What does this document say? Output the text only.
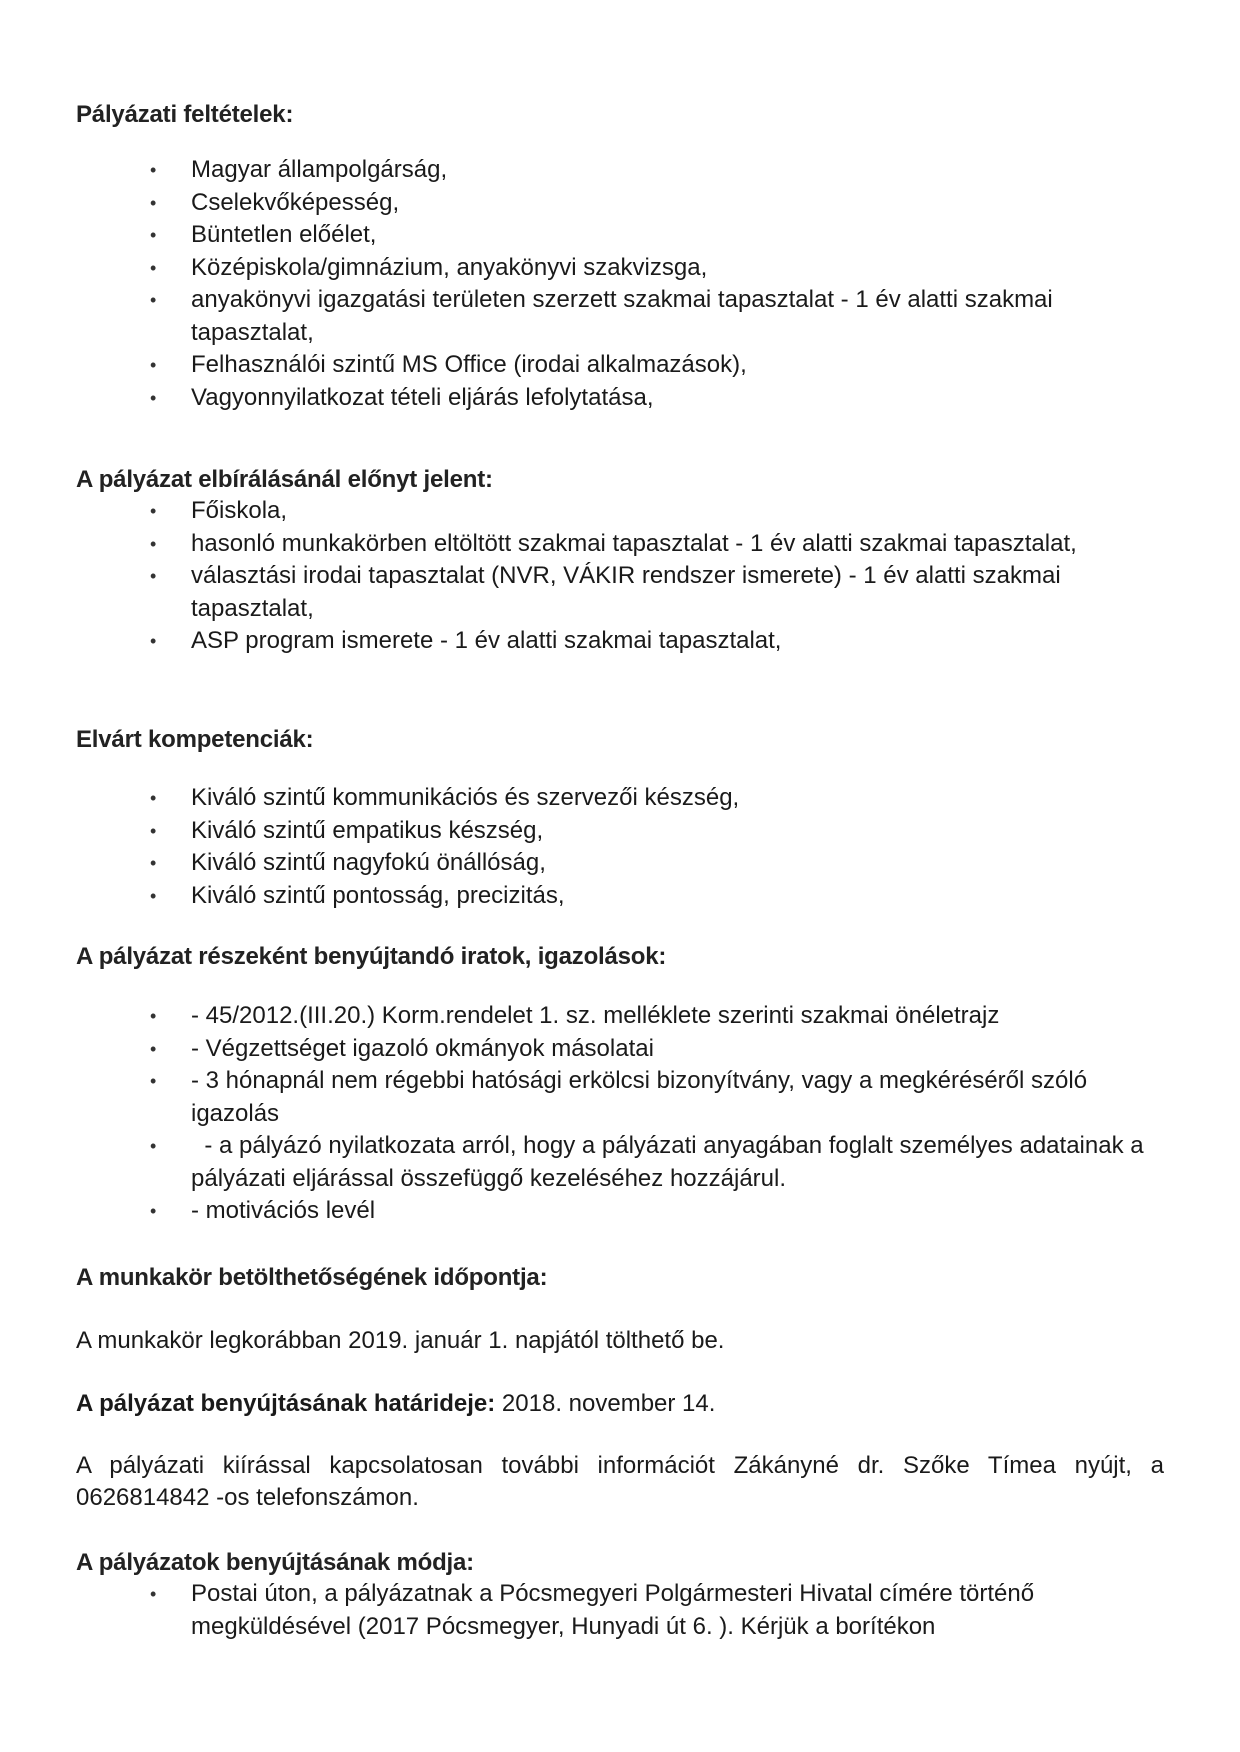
Pályázati feltételek:
• Magyar állampolgárság,
• Cselekvőképesség,
• Büntetlen előélet,
• Középiskola/gimnázium, anyakönyvi szakvizsga,
• anyakönyvi igazgatási területen szerzett szakmai tapasztalat - 1 év alatti szakmai tapasztalat,
• Felhasználói szintű MS Office (irodai alkalmazások),
• Vagyonnyilatkozat tételi eljárás lefolytatása,
A pályázat elbírálásánál előnyt jelent:
• Főiskola,
• hasonló munkakörben eltöltött szakmai tapasztalat - 1 év alatti szakmai tapasztalat,
• választási irodai tapasztalat (NVR, VÁKIR rendszer ismerete) - 1 év alatti szakmai tapasztalat,
• ASP program ismerete - 1 év alatti szakmai tapasztalat,
Elvárt kompetenciák:
• Kiváló szintű kommunikációs és szervezői készség,
• Kiváló szintű empatikus készség,
• Kiváló szintű nagyfokú önállóság,
• Kiváló szintű pontosság, precizitás,
A pályázat részeként benyújtandó iratok, igazolások:
• - 45/2012.(III.20.) Korm.rendelet 1. sz. melléklete szerinti szakmai önéletrajz
• - Végzettséget igazoló okmányok másolatai
• - 3 hónapnál nem régebbi hatósági erkölcsi bizonyítvány, vagy a megkéréséről szóló igazolás
• - a pályázó nyilatkozata arról, hogy a pályázati anyagában foglalt személyes adatainak a pályázati eljárással összefüggő kezeléséhez hozzájárul.
• - motivációs levél
A munkakör betölthetőségének időpontja:
A munkakör legkorábban 2019. január 1. napjától tölthető be.
A pályázat benyújtásának határideje: 2018. november 14.
A pályázati kiírással kapcsolatosan további információt Zákányné dr. Szőke Tímea nyújt, a 0626814842 -os telefonszámon.
A pályázatok benyújtásának módja:
• Postai úton, a pályázatnak a Pócsmegyeri Polgármesteri Hivatal címére történő megküldésével (2017 Pócsmegyer, Hunyadi út 6. ). Kérjük a borítékon
